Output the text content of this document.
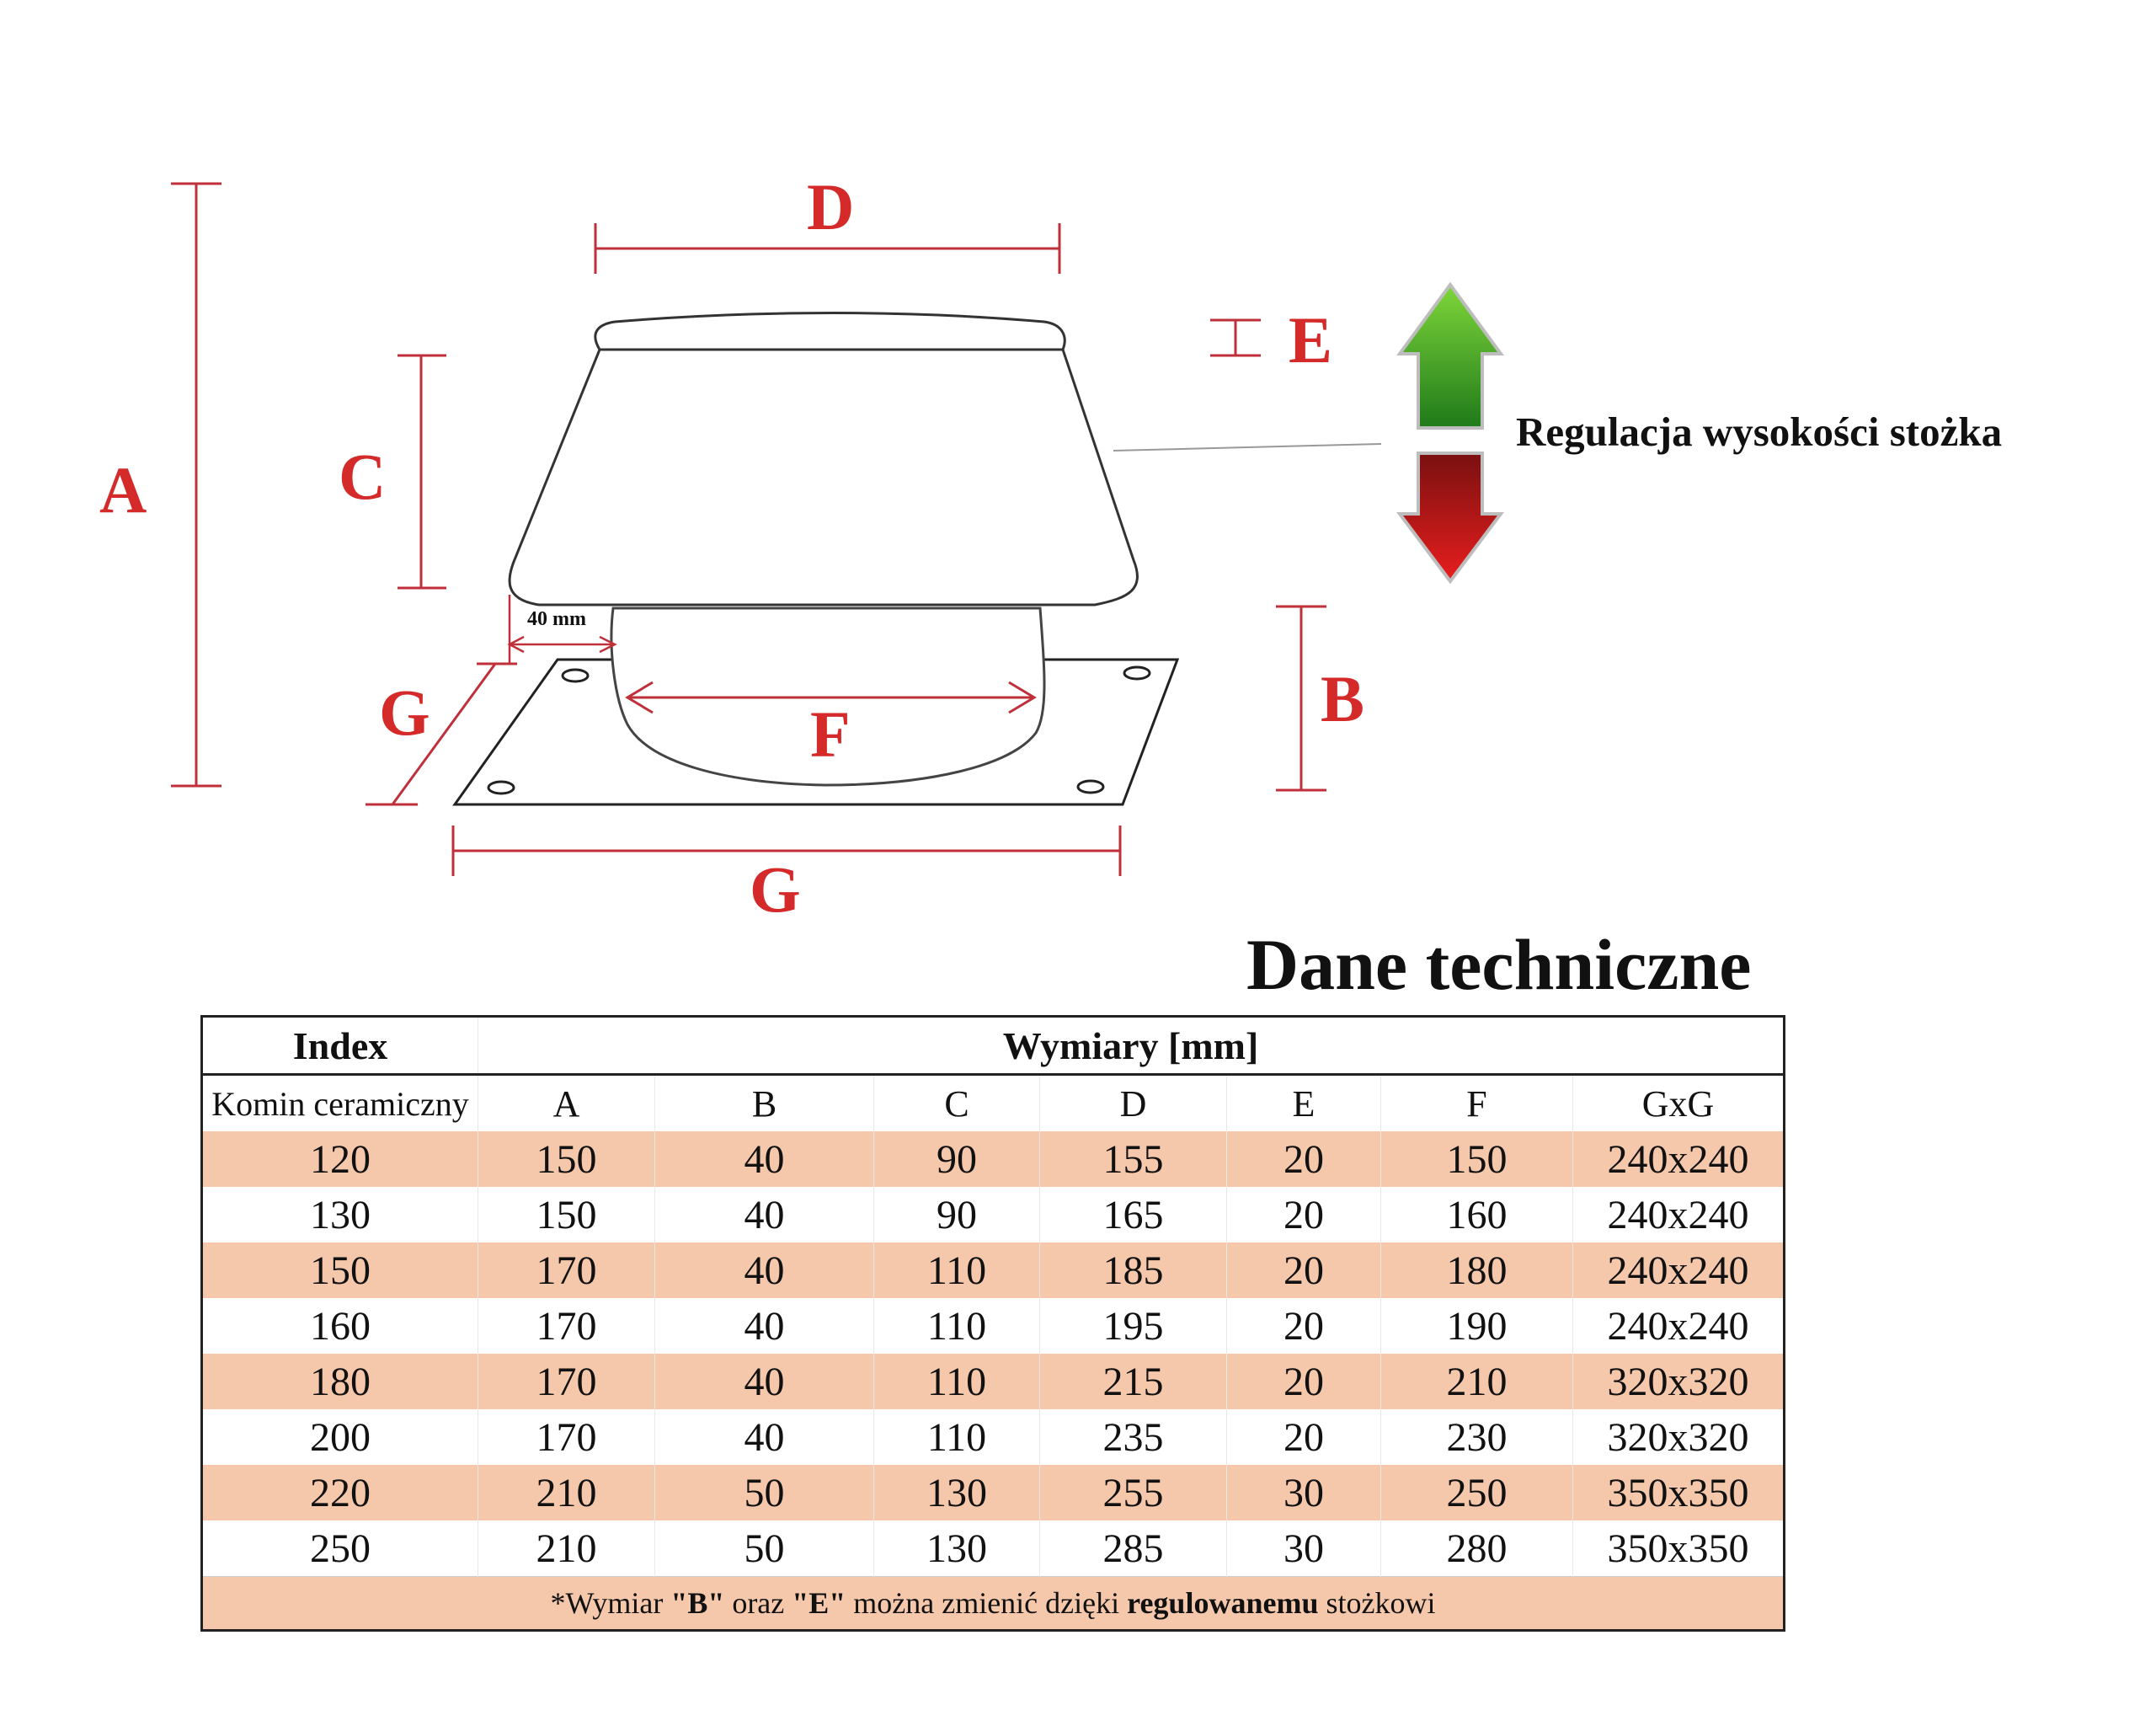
A
D
C
E
B
F
40 mm
G
G
Regulacja wysokości stożka
Dane techniczne
Index	Wymiary [mm]						
Komin ceramiczny	A	B	C	D	E	F	GxG
120	150	40	90	155	20	150	240x240
130	150	40	90	165	20	160	240x240
150	170	40	110	185	20	180	240x240
160	170	40	110	195	20	190	240x240
180	170	40	110	215	20	210	320x320
200	170	40	110	235	20	230	320x320
220	210	50	130	255	30	250	350x350
250	210	50	130	285	30	280	350x350
*Wymiar "B" oraz "E" można zmienić dzięki regulowanemu stożkowi							
